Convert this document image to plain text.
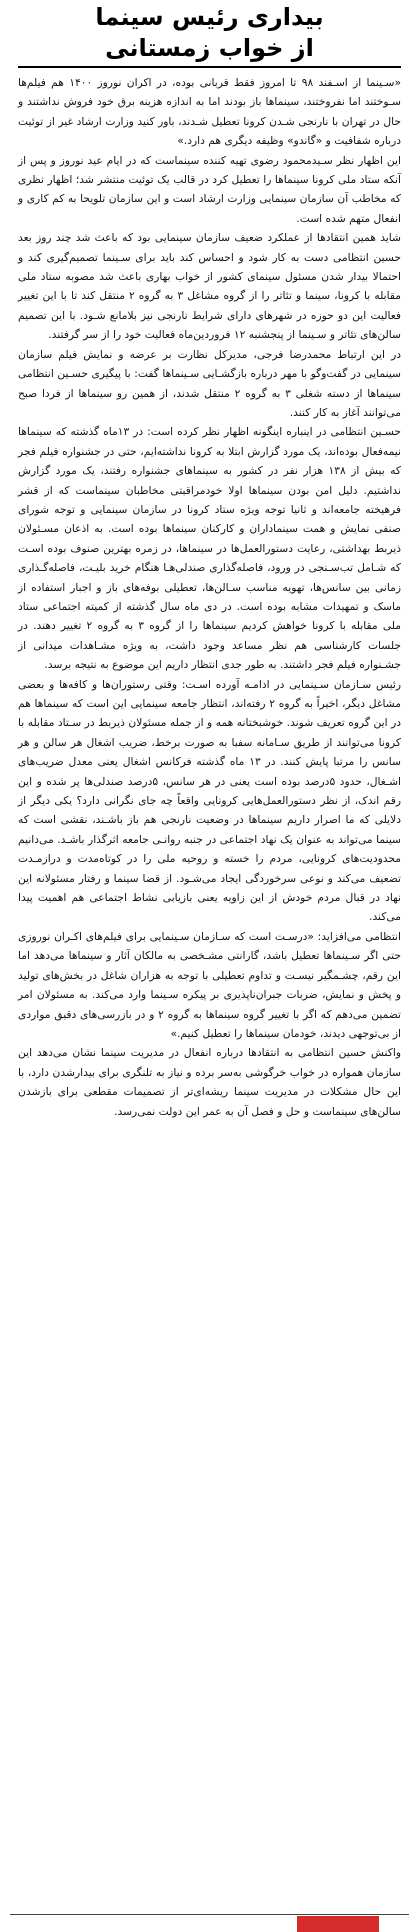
بیداری رئیس سینما
از خواب زمستانی

«سـینما از اسـفند ۹۸ تا امروز فقط قربانی بوده، در اکران نوروز ۱۴۰۰ هم فیلم‌ها سـوختند اما نفروختند، سینماها باز بودند اما به اندازه هزینه برق خود فروش نداشتند و حال در تهران با نارنجی شـدن کرونا تعطیل شـدند، باور کنید وزارت ارشاد غیر از توئیت درباره شفافیت و «گاندو» وظیفه دیگری هم دارد.»

این اظهار نظر سـیدمحمود رضوی تهیه کننده سینماست که در ایام عید نوروز و پس از آنکه ستاد ملی کرونا سینماها را تعطیل کرد در قالب یک توئیت منتشر شد؛ اظهار نظری که مخاطب آن سازمان سینمایی وزارت ارشاد است و این سازمان تلویحا به کم کاری و انفعال متهم شده است.

شاید همین انتقادها از عملکرد ضعیف سازمان سینمایی بود که باعث شد چند روز بعد حسین انتظامی دست به کار شود و احساس کند باید برای سـینما تصمیم‌گیری کند و احتمالا بیدار شدن مسئول سینمای کشور از خواب بهاری باعث شد مصوبه ستاد ملی مقابله با کرونا، سینما و تئاتر را از گروه مشاغل ۳ به گروه ۲ منتقل کند تا با این تغییر فعالیت این دو حوزه در شهرهای دارای شرایط نارنجی نیز بلامانع شـود. با این تصمیم سالن‌های تئاتر و سـینما از پنجشنبه ۱۲ فروردین‌ماه فعالیت خود را از سر گرفتند.

در این ارتباط محمدرضا فرجی، مدیرکل نظارت بر عرضه و نمایش فیلم سازمان سینمایی در گفت‌وگو با مهر درباره بازگشـایی سـینماها گفت: با پیگیری حسـین انتظامی سینماها از دسته شغلی ۳ به گروه ۲ منتقل شدند، از همین رو سینماها از فردا صبح می‌توانند آغاز به کار کنند.

حسـین انتظامی در اینباره اینگونه اظهار نظر کرده است: در ۱۳ماه گذشته که سینماها نیمه‌فعال بوده‌اند، یک مورد گزارش ابتلا به کرونا نداشته‌ایم، حتی در جشنواره فیلم فجر که بیش از ۱۳۸ هزار نفر در کشور به سینماهای جشنواره رفتند، یک مورد گزارش نداشتیم. دلیل امن بودن سینماها اولا خودمراقبتی مخاطبان سینماست که از قشر فرهیخته جامعه‌اند و ثانیا توجه ویژه ستاد کرونا در سازمان سینمایی و توجه شورای صنفی نمایش و همت سینماداران و کارکنان سینماها بوده است. به اذعان مسـئولان ذیربط بهداشتی، رعایت دستورالعمل‌ها در سینماها، در زمره بهترین صنوف بوده اسـت که شـامل تب‌سـنجی در ورود، فاصله‌گذاری صندلی‌هـا هنگام خرید بلیـت، فاصله‌گـذاری زمانی بین سانس‌ها، تهویه مناسب سـالن‌ها، تعطیلی بوفه‌های باز و اجبار استفاده از ماسک و تمهیدات مشابه بوده است. در دی ماه سال گذشته از کمیته اجتماعی ستاد ملی مقابله با کرونا خواهش کردیم سینماها را از گروه ۳ به گروه ۲ تغییر دهند. در جلسات کارشناسی هم نظر مساعد وجود داشت، به ویژه مشـاهدات میدانی از جشـنواره فیلم فجر داشتند. به طور جدی انتظار داریم این موضوع به نتیجه برسد.

رئیس سـازمان سـینمایی در ادامـه آورده اسـت: وقتی رستوران‌ها و کافه‌ها و بعضی مشاغل دیگر، اخیراً به گروه ۲ رفته‌اند، انتظار جامعه سینمایی این است که سینماها هم در این گروه تعریف شوند. خوشبختانه همه و از جمله مسئولان ذیربط در سـتاد مقابله با کرونا می‌توانند از طریق سـامانه سفبا به صورت برخط، ضریب اشغال هر سالن و هر سانس را مرتبا پایش کنند. در ۱۳ ماه گذشته فرکانس اشغال یعنی معدل ضریب‌های اشـغال، حدود ۵درصد بوده است یعنی در هر سانس، ۵درصد صندلی‌ها پر شده و این رقم اندک، از نظر دستورالعمل‌هایی کرونایی واقعاً چه جای نگرانی دارد؟ یکی دیگر از دلایلی که ما اصرار داریم سینماها در وضعیت نارنجی هم باز باشـند، نقشی است که سینما می‌تواند به عنوان یک نهاد اجتماعی در جنبه روانـی جامعه اثرگذار باشـد. می‌دانیم محدودیت‌های کرونایی، مردم را خسته و روحیه ملی را در کوتاه‌مدت و درازمـدت تضعیف می‌کند و نوعی سرخوردگی ایجاد می‌شـود. از قضا سینما و رفتار مسئولانه این نهاد در قبال مردم خودش از این زاویه یعنی بازیابی نشاط اجتماعی هم اهمیت پیدا می‌کند.

انتظامی می‌افزاید: «درسـت است که سـازمان سـینمایی برای فیلم‌های اکـران نوروزی حتی اگر سـینماها تعطیل باشد، گارانتی مشـخصی به مالکان آثار و سینماها می‌دهد اما این رقم، چشـمگیر نیسـت و تداوم تعطیلی با توجه به هزاران شاغل در بخش‌های تولید و پخش و نمایش، ضربات جبران‌ناپذیری بر پیکره سـینما وارد می‌کند. به مسئولان امر تضمین می‌دهم که اگر با تغییر گروه سینماها به گروه ۲ و در بازرسی‌های دقیق مواردی از بی‌توجهی دیدند، خودمان سینماها را تعطیل کنیم.»

واکنش حسین انتظامی به انتقادها درباره انفعال در مدیریت سینما نشان می‌دهد این سازمان همواره در خواب خرگوشی به‌سر برده و نیاز به تلنگری برای بیدارشدن دارد، با این حال مشکلات در مدیریت سینما ریشه‌ای‌تر از تصمیمات مقطعی برای بازشدن سالن‌های سینماست و حل و فصل آن به عمر این دولت نمی‌رسد.
